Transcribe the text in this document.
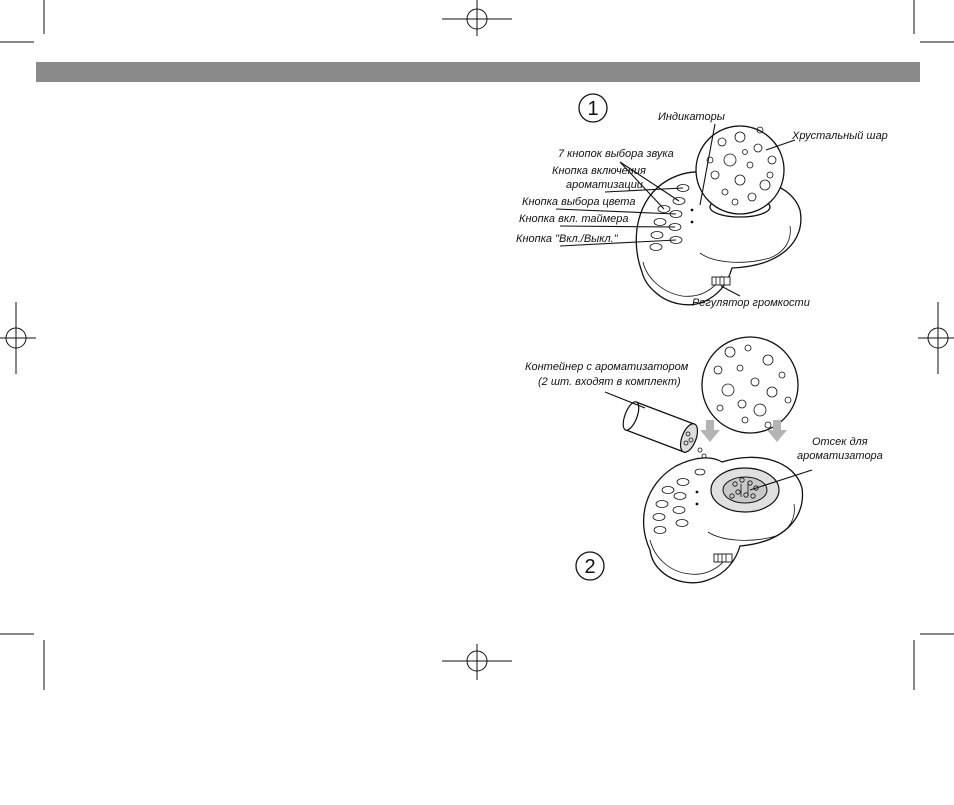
1	Индикаторы
Хрустальный шар
7 кнопок выбора звука
Кнопка включения
ароматизации
Кнопка выбора цвета
Кнопка вкл. таймера
Кнопка "Вкл./Выкл."
Регулятор громкости
Контейнер с ароматизатором
(2 шт. входят в комплект)
Отсек для
ароматизатора
2
